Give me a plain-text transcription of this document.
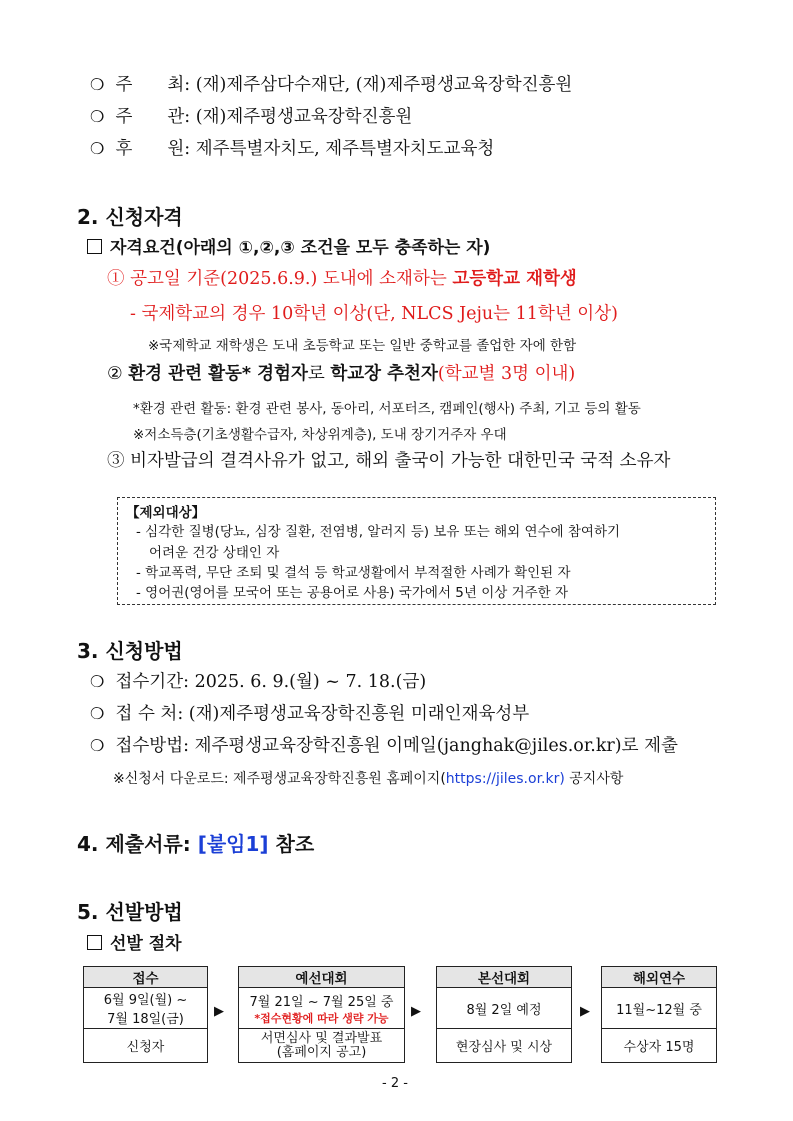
❍ 주　　최: (재)제주삼다수재단, (재)제주평생교육장학진흥원
❍ 주　　관: (재)제주평생교육장학진흥원
❍ 후　　원: 제주특별자치도, 제주특별자치도교육청
2. 신청자격
자격요건(아래의 ①,②,③ 조건을 모두 충족하는 자)
① 공고일 기준(2025.6.9.) 도내에 소재하는 고등학교 재학생
- 국제학교의 경우 10학년 이상(단, NLCS Jeju는 11학년 이상)
※국제학교 재학생은 도내 초등학교 또는 일반 중학교를 졸업한 자에 한함
② 환경 관련 활동* 경험자로 학교장 추천자(학교별 3명 이내)
*환경 관련 활동: 환경 관련 봉사, 동아리, 서포터즈, 캠페인(행사) 주최, 기고 등의 활동
※저소득층(기초생활수급자, 차상위계층), 도내 장기거주자 우대
③ 비자발급의 결격사유가 없고, 해외 출국이 가능한 대한민국 국적 소유자
【제외대상】
- 심각한 질병(당뇨, 심장 질환, 전염병, 알러지 등) 보유 또는 해외 연수에 참여하기
어려운 건강 상태인 자
- 학교폭력, 무단 조퇴 및 결석 등 학교생활에서 부적절한 사례가 확인된 자
- 영어권(영어를 모국어 또는 공용어로 사용) 국가에서 5년 이상 거주한 자
3. 신청방법
❍ 접수기간: 2025. 6. 9.(월) ~ 7. 18.(금)
❍ 접 수 처: (재)제주평생교육장학진흥원 미래인재육성부
❍ 접수방법: 제주평생교육장학진흥원 이메일(janghak@jiles.or.kr)로 제출
※신청서 다운로드: 제주평생교육장학진흥원 홈페이지(https://jiles.or.kr) 공지사항
4. 제출서류: [붙임1] 참조
5. 선발방법
선발 절차
접수
6월 9일(월) ~
7월 18일(금)
신청자
▶
예선대회
7월 21일 ~ 7월 25일 중
*접수현황에 따라 생략 가능
서면심사 및 결과발표
(홈페이지 공고)
▶
본선대회
8월 2일 예정
현장심사 및 시상
▶
해외연수
11월~12월 중
수상자 15명
- 2 -
